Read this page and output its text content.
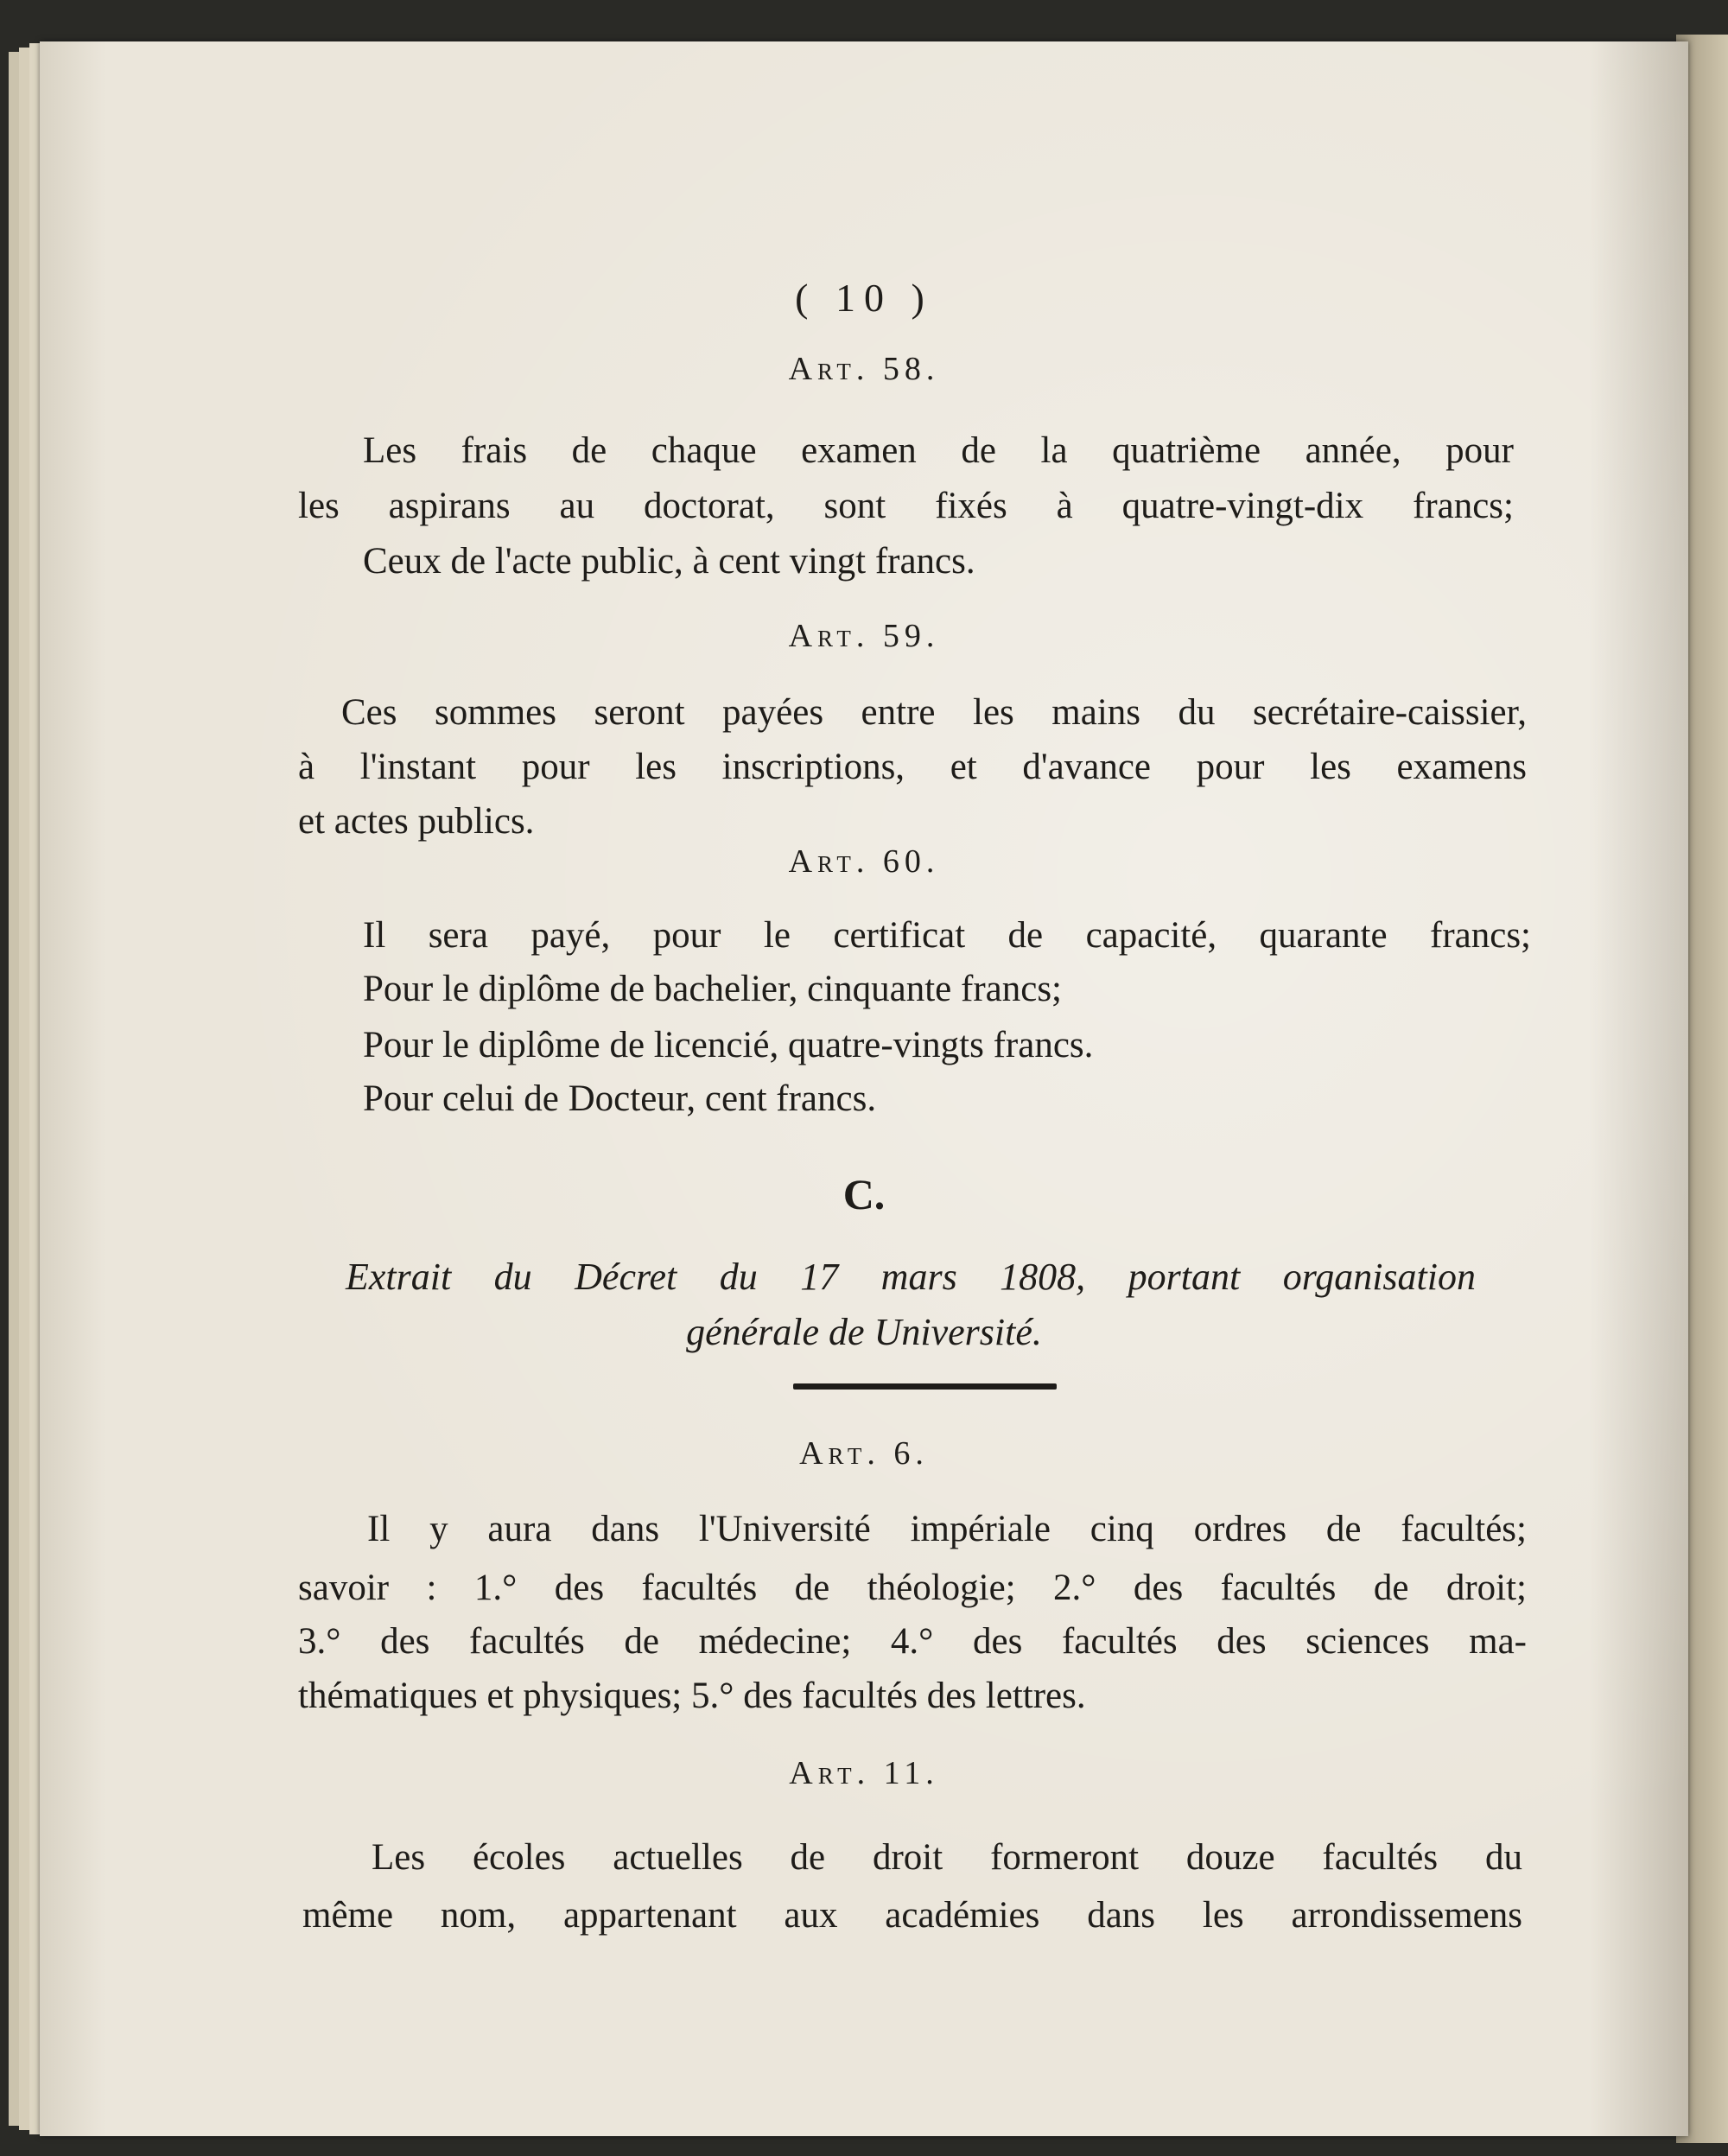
( 10 )
Art. 58.
Les frais de chaque examen de la quatrième année, pour
les aspirans au doctorat, sont fixés à quatre-vingt-dix francs;
Ceux de l'acte public, à cent vingt francs.
Art. 59.
Ces sommes seront payées entre les mains du secrétaire-caissier,
à l'instant pour les inscriptions, et d'avance pour les examens
et actes publics.
Art. 60.
Il sera payé, pour le certificat de capacité, quarante francs;
Pour le diplôme de bachelier, cinquante francs;
Pour le diplôme de licencié, quatre-vingts francs.
Pour celui de Docteur, cent francs.
C.
Extrait du Décret du 17 mars 1808, portant organisation
générale de Université.
Art. 6.
Il y aura dans l'Université impériale cinq ordres de facultés;
savoir : 1.° des facultés de théologie; 2.° des facultés de droit;
3.° des facultés de médecine; 4.° des facultés des sciences ma-
thématiques et physiques; 5.° des facultés des lettres.
Art. 11.
Les écoles actuelles de droit formeront douze facultés du
même nom, appartenant aux académies dans les arrondissemens
